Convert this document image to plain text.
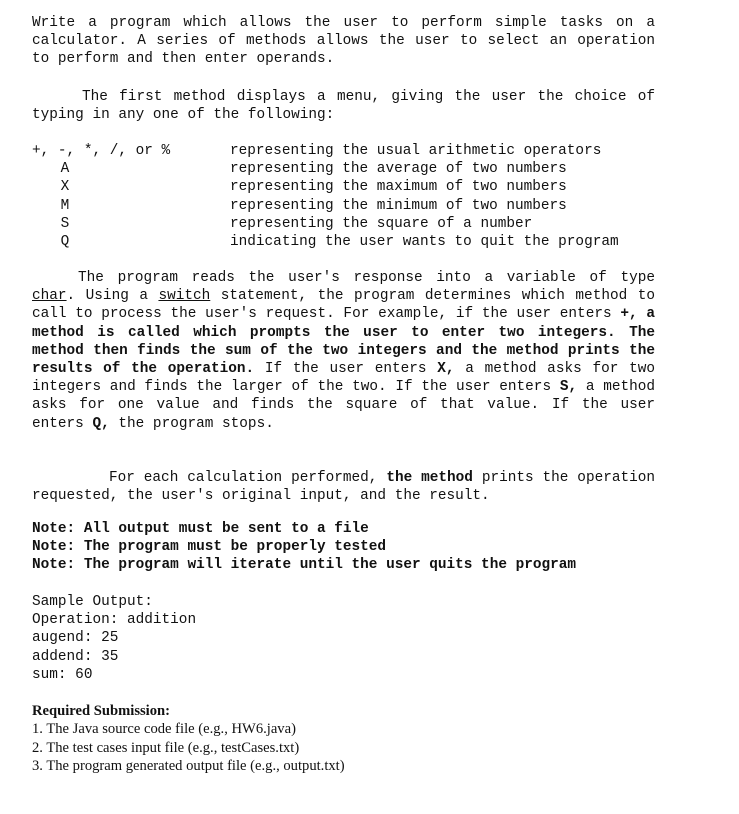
Write a program which allows the user to perform simple tasks on a calculator. A series of methods allows the user to select an operation to perform and then enter operands.

The first method displays a menu, giving the user the choice of typing in any one of the following:

+, -, *, /, or %	representing the usual arithmetic operators
A	representing the average of two numbers
X	representing the maximum of two numbers
M	representing the minimum of two numbers
S	representing the square of a number
Q	indicating the user wants to quit the program

The program reads the user's response into a variable of type char. Using a switch statement, the program determines which method to call to process the user's request. For example, if the user enters +, a method is called which prompts the user to enter two integers. The method then finds the sum of the two integers and the method prints the results of the operation. If the user enters X, a method asks for two integers and finds the larger of the two. If the user enters S, a method asks for one value and finds the square of that value. If the user enters Q, the program stops.

For each calculation performed, the method prints the operation requested, the user's original input, and the result.

Note: All output must be sent to a file
Note: The program must be properly tested
Note: The program will iterate until the user quits the program
Sample Output:
Operation: addition
augend: 25
addend: 35
sum: 60
Required Submission:
1. The Java source code file (e.g., HW6.java)
2. The test cases input file (e.g., testCases.txt)
3. The program generated output file (e.g., output.txt)
